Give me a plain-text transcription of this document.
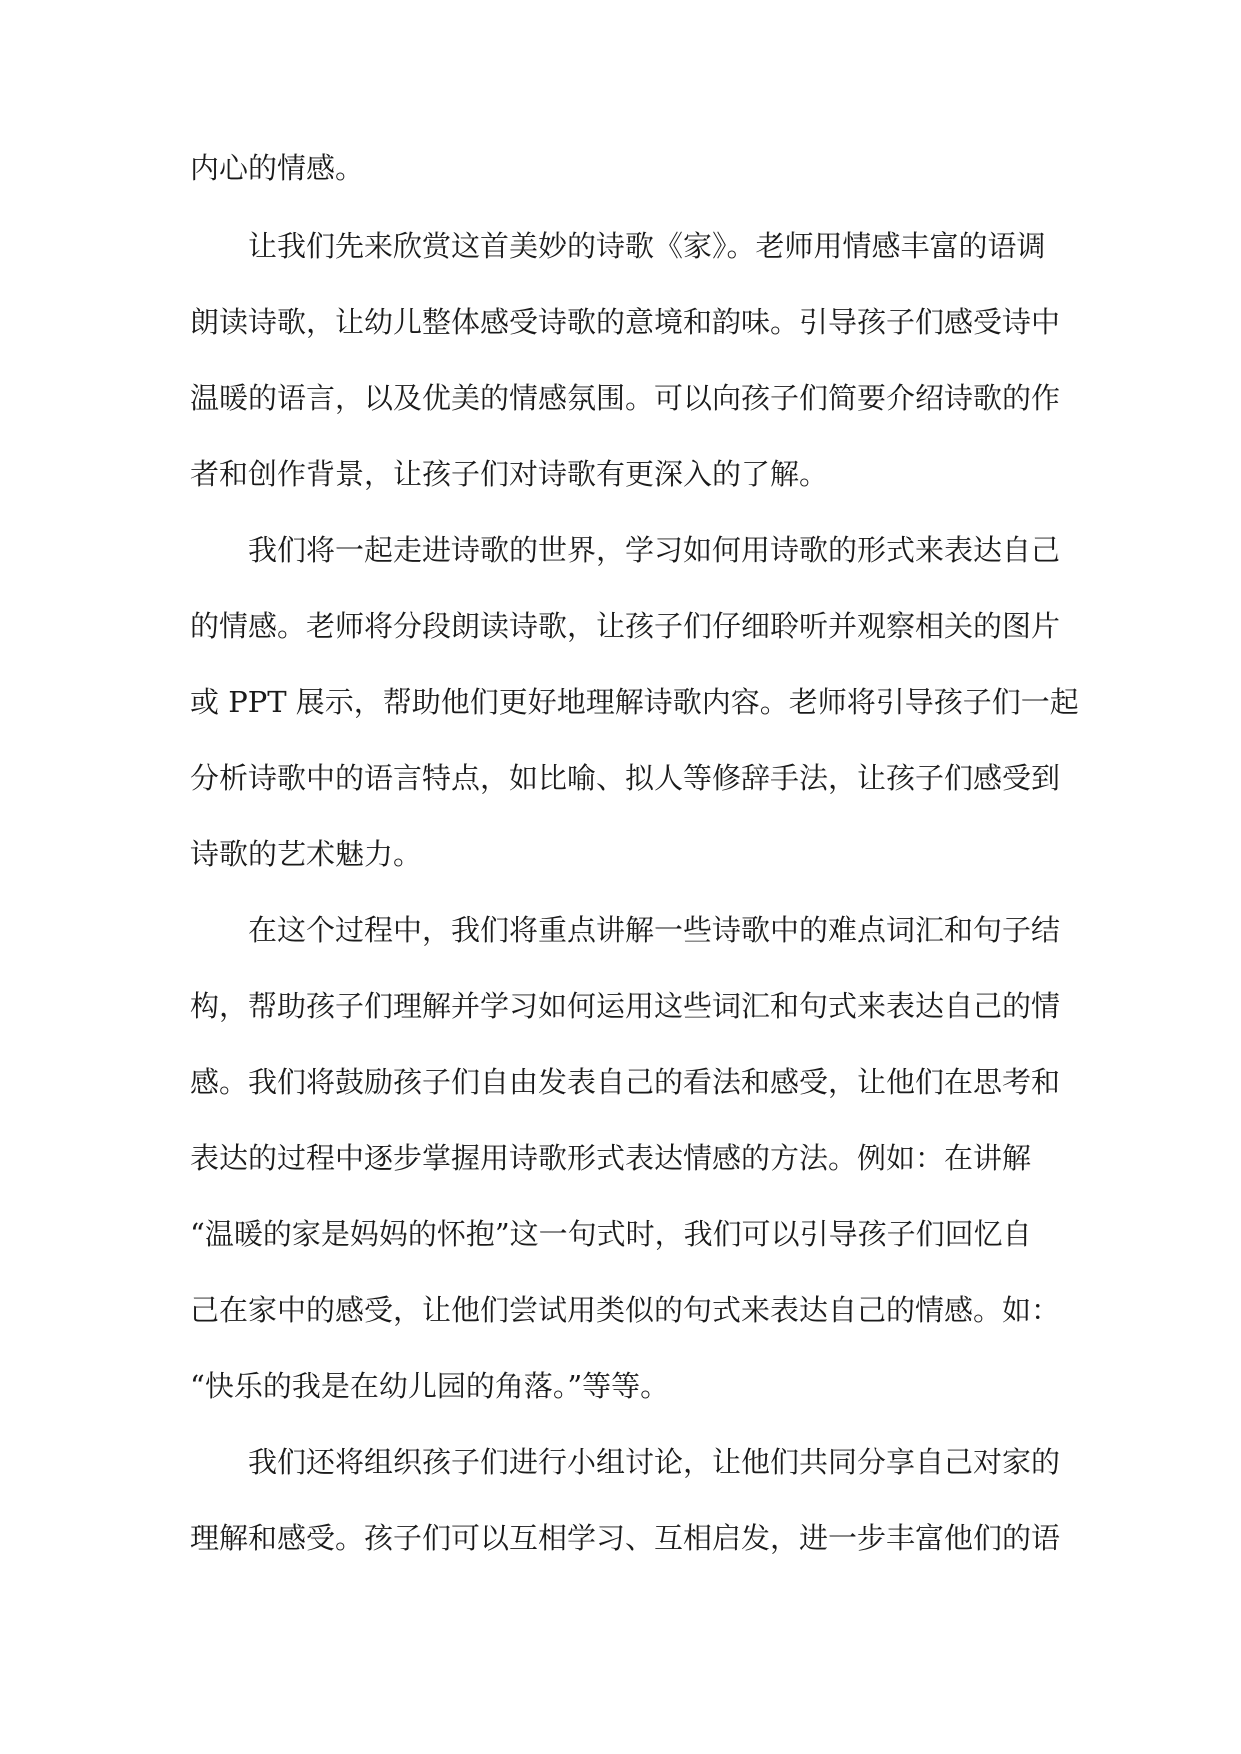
内心的情感。
让我们先来欣赏这首美妙的诗歌《家》。老师用情感丰富的语调
朗读诗歌，让幼儿整体感受诗歌的意境和韵味。引导孩子们感受诗中
温暖的语言，以及优美的情感氛围。可以向孩子们简要介绍诗歌的作
者和创作背景，让孩子们对诗歌有更深入的了解。
我们将一起走进诗歌的世界，学习如何用诗歌的形式来表达自己
的情感。老师将分段朗读诗歌，让孩子们仔细聆听并观察相关的图片
或 PPT 展示，帮助他们更好地理解诗歌内容。老师将引导孩子们一起
分析诗歌中的语言特点，如比喻、拟人等修辞手法，让孩子们感受到
诗歌的艺术魅力。
在这个过程中，我们将重点讲解一些诗歌中的难点词汇和句子结
构，帮助孩子们理解并学习如何运用这些词汇和句式来表达自己的情
感。我们将鼓励孩子们自由发表自己的看法和感受，让他们在思考和
表达的过程中逐步掌握用诗歌形式表达情感的方法。例如：在讲解
“温暖的家是妈妈的怀抱”这一句式时，我们可以引导孩子们回忆自
己在家中的感受，让他们尝试用类似的句式来表达自己的情感。如：
“快乐的我是在幼儿园的角落。”等等。
我们还将组织孩子们进行小组讨论，让他们共同分享自己对家的
理解和感受。孩子们可以互相学习、互相启发，进一步丰富他们的语
